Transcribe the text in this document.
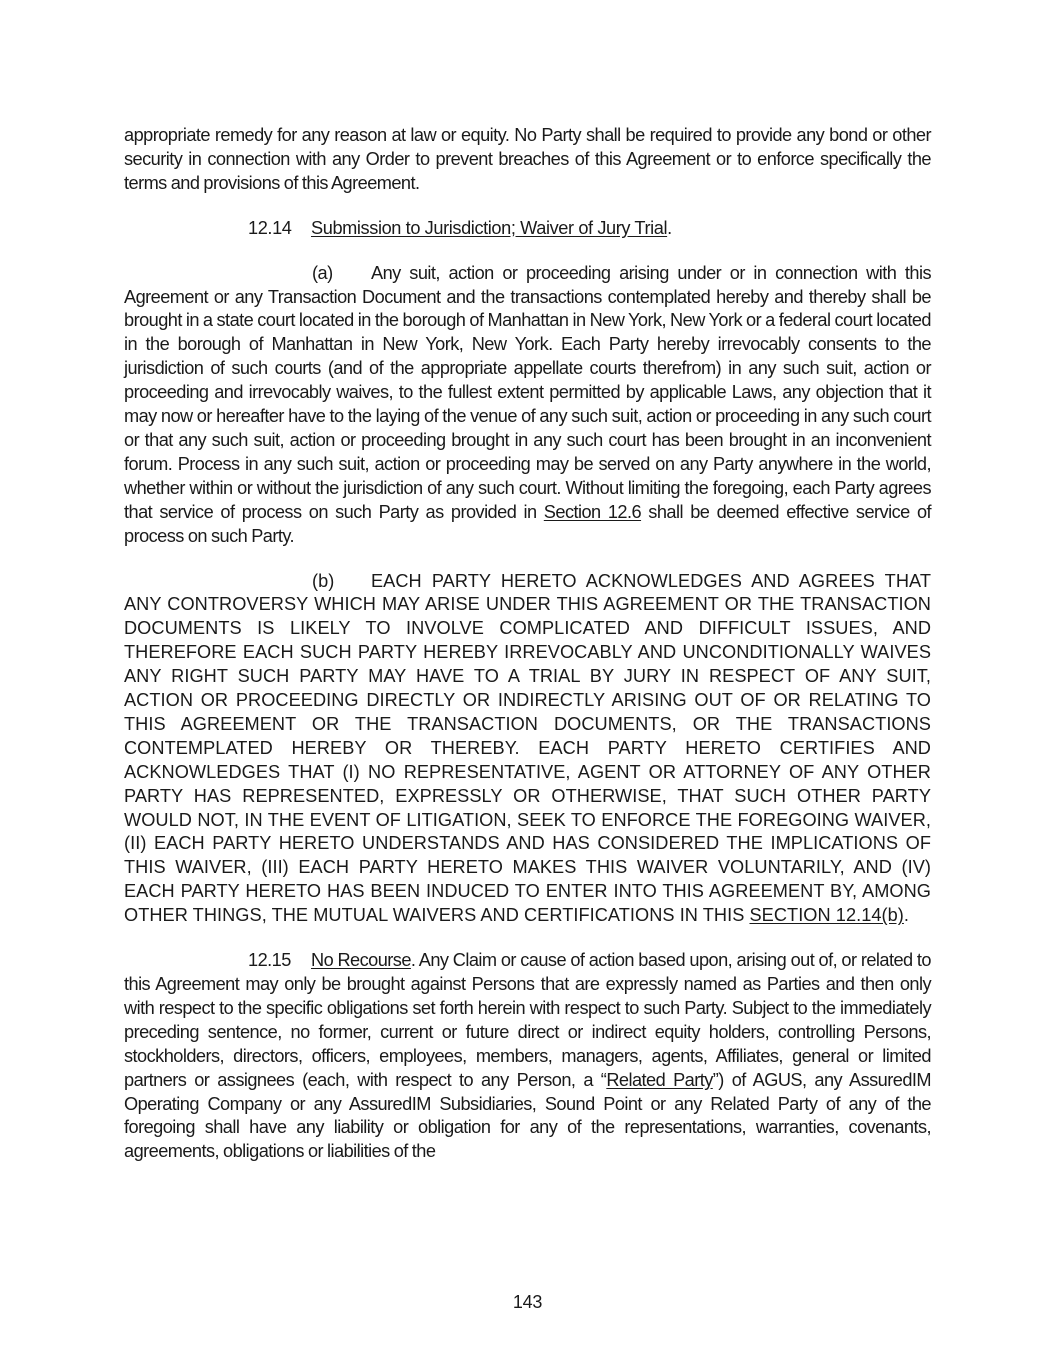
appropriate remedy for any reason at law or equity. No Party shall be required to provide any bond or other security in connection with any Order to prevent breaches of this Agreement or to enforce specifically the terms and provisions of this Agreement.

12.14 Submission to Jurisdiction; Waiver of Jury Trial.

(a) Any suit, action or proceeding arising under or in connection with this Agreement or any Transaction Document and the transactions contemplated hereby and thereby shall be brought in a state court located in the borough of Manhattan in New York, New York or a federal court located in the borough of Manhattan in New York, New York. Each Party hereby irrevocably consents to the jurisdiction of such courts (and of the appropriate appellate courts therefrom) in any such suit, action or proceeding and irrevocably waives, to the fullest extent permitted by applicable Laws, any objection that it may now or hereafter have to the laying of the venue of any such suit, action or proceeding in any such court or that any such suit, action or proceeding brought in any such court has been brought in an inconvenient forum. Process in any such suit, action or proceeding may be served on any Party anywhere in the world, whether within or without the jurisdiction of any such court. Without limiting the foregoing, each Party agrees that service of process on such Party as provided in Section 12.6 shall be deemed effective service of process on such Party.

(b) EACH PARTY HERETO ACKNOWLEDGES AND AGREES THAT ANY CONTROVERSY WHICH MAY ARISE UNDER THIS AGREEMENT OR THE TRANSACTION DOCUMENTS IS LIKELY TO INVOLVE COMPLICATED AND DIFFICULT ISSUES, AND THEREFORE EACH SUCH PARTY HEREBY IRREVOCABLY AND UNCONDITIONALLY WAIVES ANY RIGHT SUCH PARTY MAY HAVE TO A TRIAL BY JURY IN RESPECT OF ANY SUIT, ACTION OR PROCEEDING DIRECTLY OR INDIRECTLY ARISING OUT OF OR RELATING TO THIS AGREEMENT OR THE TRANSACTION DOCUMENTS, OR THE TRANSACTIONS CONTEMPLATED HEREBY OR THEREBY. EACH PARTY HERETO CERTIFIES AND ACKNOWLEDGES THAT (I) NO REPRESENTATIVE, AGENT OR ATTORNEY OF ANY OTHER PARTY HAS REPRESENTED, EXPRESSLY OR OTHERWISE, THAT SUCH OTHER PARTY WOULD NOT, IN THE EVENT OF LITIGATION, SEEK TO ENFORCE THE FOREGOING WAIVER, (II) EACH PARTY HERETO UNDERSTANDS AND HAS CONSIDERED THE IMPLICATIONS OF THIS WAIVER, (III) EACH PARTY HERETO MAKES THIS WAIVER VOLUNTARILY, AND (IV) EACH PARTY HERETO HAS BEEN INDUCED TO ENTER INTO THIS AGREEMENT BY, AMONG OTHER THINGS, THE MUTUAL WAIVERS AND CERTIFICATIONS IN THIS SECTION 12.14(b).

12.15 No Recourse. Any Claim or cause of action based upon, arising out of, or related to this Agreement may only be brought against Persons that are expressly named as Parties and then only with respect to the specific obligations set forth herein with respect to such Party. Subject to the immediately preceding sentence, no former, current or future direct or indirect equity holders, controlling Persons, stockholders, directors, officers, employees, members, managers, agents, Affiliates, general or limited partners or assignees (each, with respect to any Person, a “Related Party”) of AGUS, any AssuredIM Operating Company or any AssuredIM Subsidiaries, Sound Point or any Related Party of any of the foregoing shall have any liability or obligation for any of the representations, warranties, covenants, agreements, obligations or liabilities of the

143
